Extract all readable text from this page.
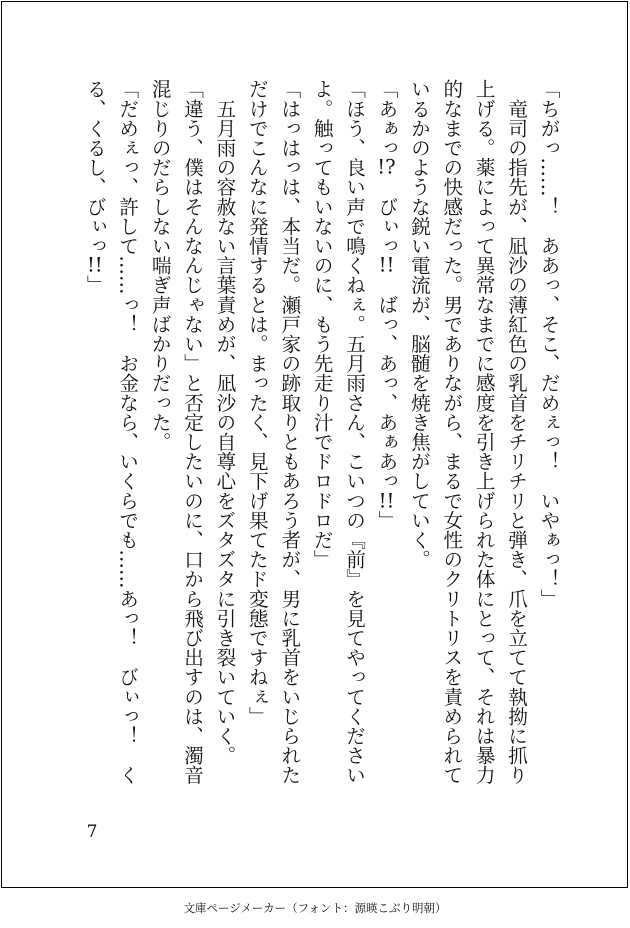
「ちがっ……！　ああっ、そこ、だめぇっ！　いやぁっ！」
　竜司の指先が、凪沙の薄紅色の乳首をチリチリと弾き、爪を立てて執拗に抓り
上げる。薬によって異常なまでに感度を引き上げられた体にとって、それは暴力
的なまでの快感だった。男でありながら、まるで女性のクリトリスを責められて
いるかのような鋭い電流が、脳髄を焼き焦がしていく。
「あぁっ!?　びぃっ!!　ばっ、あっ、あぁあっ!!」
「ほう、良い声で鳴くねぇ。五月雨さん、こいつの『前』を見てやってください
よ。触ってもいないのに、もう先走り汁でドロドロだ」
「はっはっは、本当だ。瀬戸家の跡取りともあろう者が、男に乳首をいじられた
だけでこんなに発情するとは。まったく、見下げ果てたド変態ですねぇ」
　五月雨の容赦ない言葉責めが、凪沙の自尊心をズタズタに引き裂いていく。
「違う、僕はそんなんじゃない」と否定したいのに、口から飛び出すのは、濁音
混じりのだらしない喘ぎ声ばかりだった。
「だめぇっ、許して……っ！　お金なら、いくらでも……あっ！　びぃっ！　く
る、くるし、びぃっ!!」
7
文庫ページメーカー（フォント：源暎こぶり明朝）
